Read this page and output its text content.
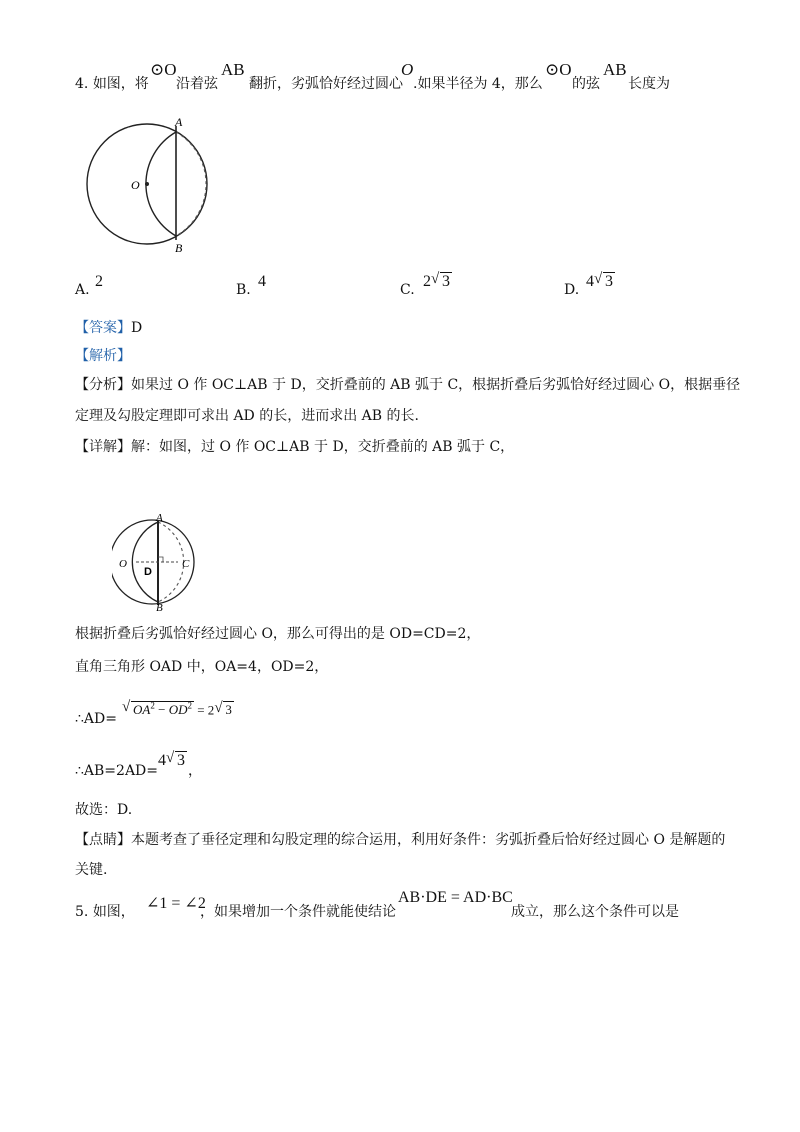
4. 如图，将
⊙O
沿着弦
AB
翻折，劣弧恰好经过圆心
O
.如果半径为 4，那么
⊙O
的弦
AB
长度为
A
O
B
A. 2	B. 4	C. 2 √ 3	D. 4 √ 3
【答案】D
【解析】
【分析】如果过 O 作 OC⊥AB 于 D，交折叠前的 AB 弧于 C，根据折叠后劣弧恰好经过圆心 O，根据垂径
定理及勾股定理即可求出 AD 的长，进而求出 AB 的长.
【详解】解：如图，过 O 作 OC⊥AB 于 D，交折叠前的 AB 弧于 C，
A
O
D
C
B
根据折叠后劣弧恰好经过圆心 O，那么可得出的是 OD=CD=2，
直角三角形 OAD 中，OA=4，OD=2，
∴AD=
√ $OA^2 - OD^2 = 2$ √ 3
∴AB=2AD=
4 √ 3
，
故选：D.
【点睛】本题考查了垂径定理和勾股定理的综合运用，利用好条件：劣弧折叠后恰好经过圆心 O 是解题的
关键.
5. 如图， ∠1 = ∠2
，如果增加一个条件就能使结论
AB·DE = AD·BC
成立，那么这个条件可以是
